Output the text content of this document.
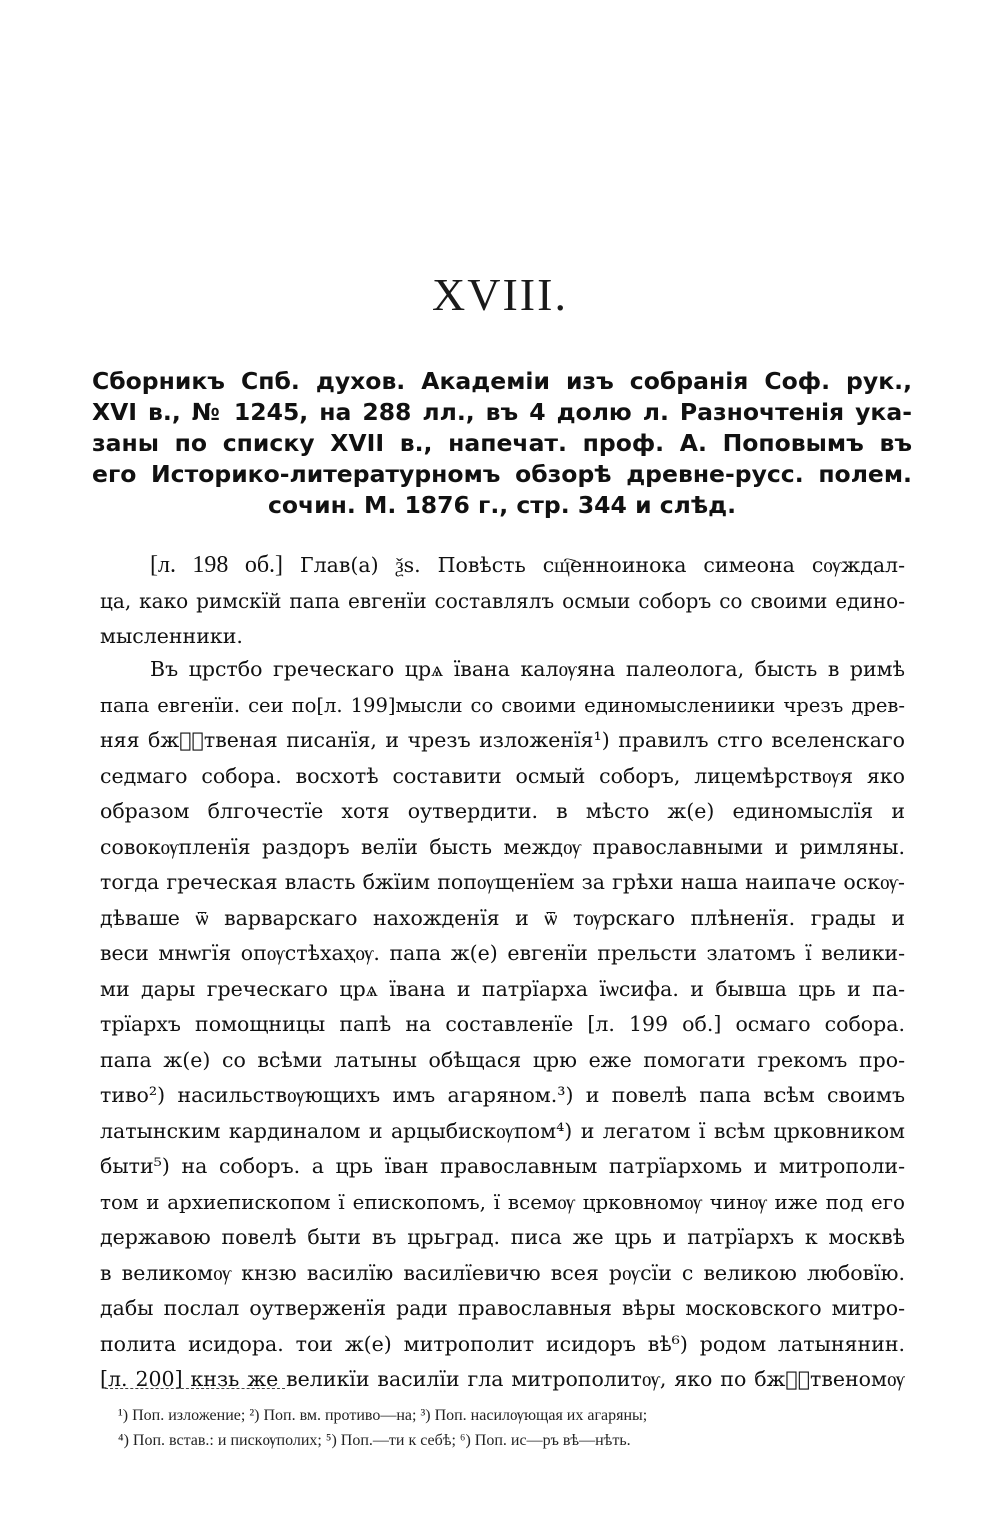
XVIII.
Сборникъ Спб. духов. Академіи изъ собранія Соф. рук.,
XVI в., № 1245, на 288 лл., въ 4 долю л. Разночтенія ука-
заны по списку XVII в., напечат. проф. А. Поповымъ въ
его Историко-литературномъ обзорѣ древне-русс. полем.
сочин. М. 1876 г., стр. 344 и слѣд.
[л. 198 об.] Глав(а) ѯѕ. Повѣсть сщ҇енноинока симеона сѹждал-
ца, како римскїй папа евгенїи составлялъ осмыи соборъ со своими едино-
мысленники.
Въ црстбо греческаго црѧ ївана калѹяна палеолога, бысть в римѣ
папа евгенїи. сеи по[л. 199]мысли со своими единомыслениики чрезъ древ-
няя бжⷭ҇твеная писанїя, и чрезъ изложенїя¹) правилъ стго вселенскаго
седмаго собора. восхотѣ составити осмый соборъ, лицемѣрствѹя яко
образом блгочестїе хотя оутвердити. в мѣсто ж(е) единомыслїя и
совокѹпленїя раздоръ велїи бысть междѹ православными и римляны.
тогда греческая власть бжїим попѹщенїем за грѣхи наша наипаче оскѹ-
дѣваше ѿ варварскаго нахожденїя и ѿ тѹрскаго плѣненїя. грады и
веси мнѡгїя опѹстѣхаҳѹ. папа ж(е) евгенїи прельсти златомъ ї велики-
ми дары греческаго црѧ ївана и патрїарха їѡсифа. и бывша црь и па-
трїархъ помощницы папѣ на составленїе [л. 199 об.] осмаго собора.
папа ж(е) со всѣми латыны обѣщася црю еже помогати грекомъ про-
тиво²) насильствѹющихъ имъ агаряном.³) и повелѣ папа всѣм своимъ
латынским кардиналом и арцыбискѹпом⁴) и легатом ї всѣм црковником
быти⁵) на соборъ. а црь їван православным патрїархомь и митрополи-
том и архиепископом ї епископомъ, ї всемѹ црковномѹ чинѹ иже под его
державою повелѣ быти въ црьград. писа же црь и патрїархъ к москвѣ
в великомѹ кнзю василїю василїевичю всея рѹсїи с великою любовїю.
дабы послал оутверженїя ради православныя вѣры московского митро-
полита исидора. тои ж(е) митрополит исидоръ вѣ⁶) родом латынянин.
[л. 200] кнзь же великїи василїи гла митрополитѹ, яко по бжⷭ҇твеномѹ
¹) Поп. изложение; ²) Поп. вм. противо—на; ³) Поп. насилѹющая их агаряны;
⁴) Поп. встав.: и пискѹполих; ⁵) Поп.—ти к себѣ; ⁶) Поп. ис—ръ вѣ—нѣть.
